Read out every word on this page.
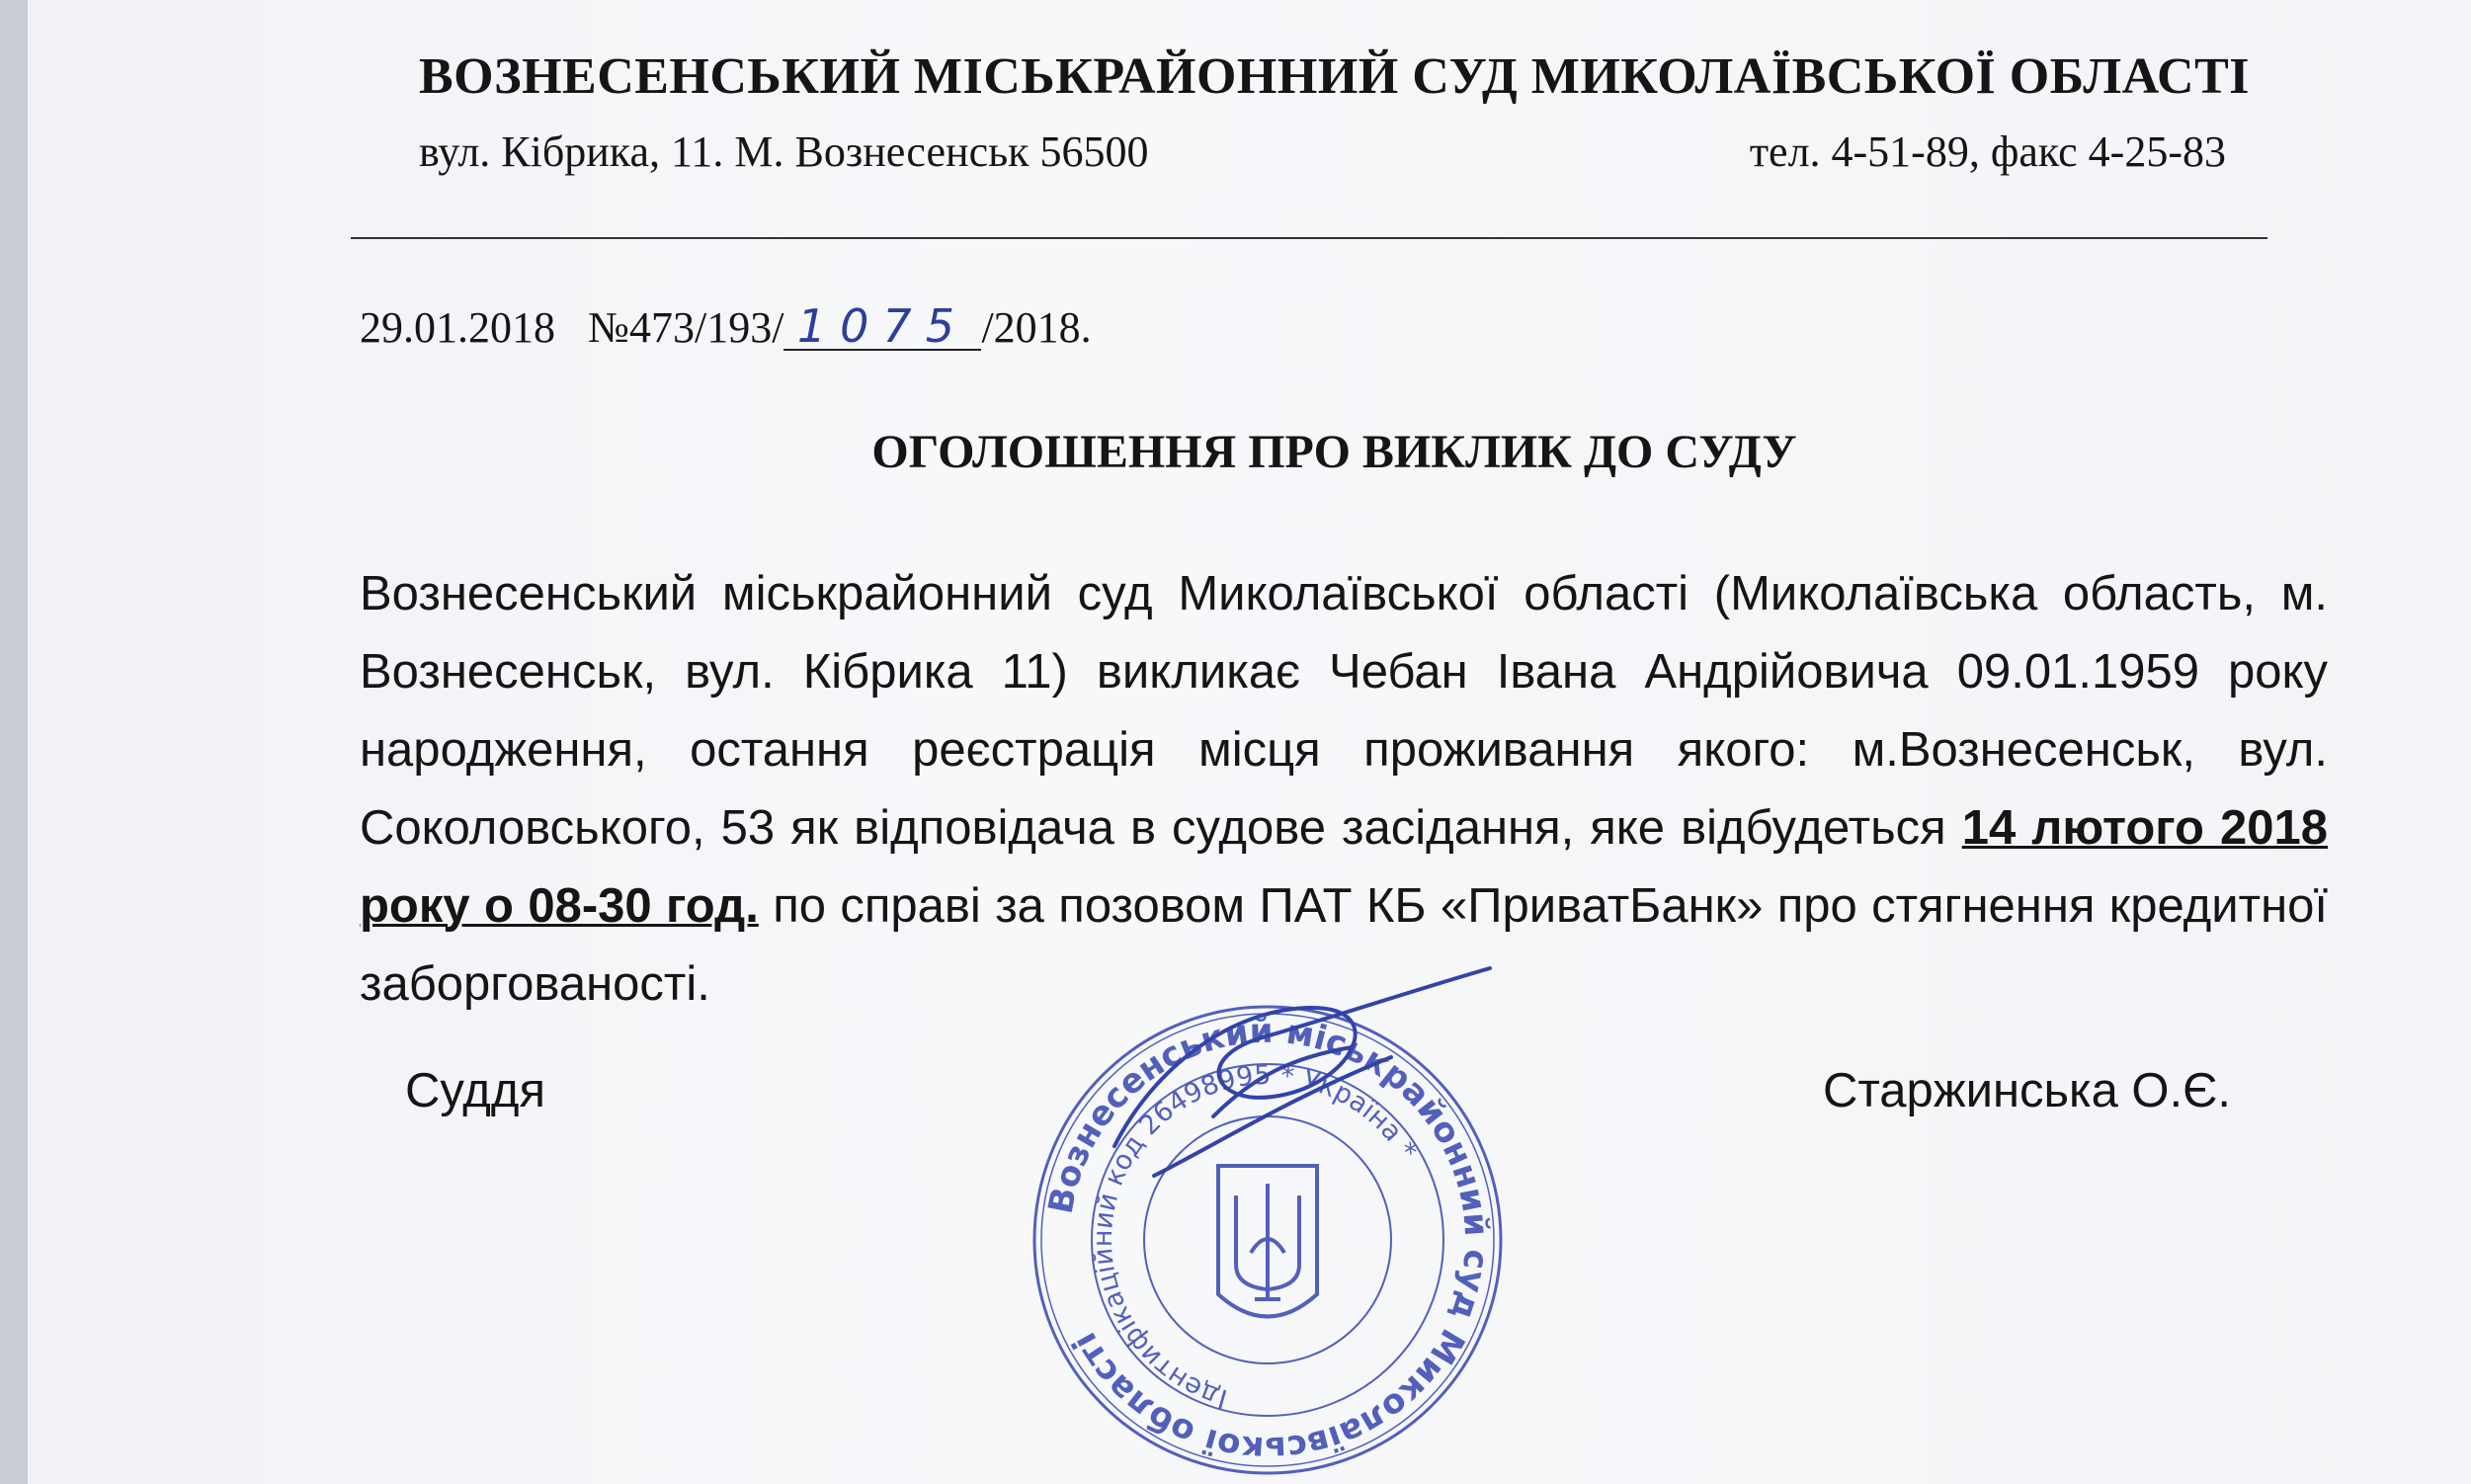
ВОЗНЕСЕНСЬКИЙ МІСЬКРАЙОННИЙ СУД МИКОЛАЇВСЬКОЇ ОБЛАСТІ
вул. Кібрика, 11. М. Вознесенськ 56500	тел. 4-51-89, факс 4-25-83
29.01.2018 №473/193/ 1075 /2018.
ОГОЛОШЕННЯ ПРО ВИКЛИК ДО СУДУ
Вознесенський міськрайонний суд Миколаївської області (Миколаївська область, м. Вознесенськ, вул. Кібрика 11) викликає Чебан Івана Андрійовича 09.01.1959 року народження, остання реєстрація місця проживання якого: м.Вознесенськ, вул. Соколовського, 53 як відповідача в судове засідання, яке відбудеться 14 лютого 2018 року о 08-30 год. по справі за позовом ПАТ КБ «ПриватБанк» про стягнення кредитної заборгованості.
Суддя	Старжинська О.Є.
Вознесенський міськрайонний суд Миколаївської області
Ідентифікаційний код 26498995 * Україна *
